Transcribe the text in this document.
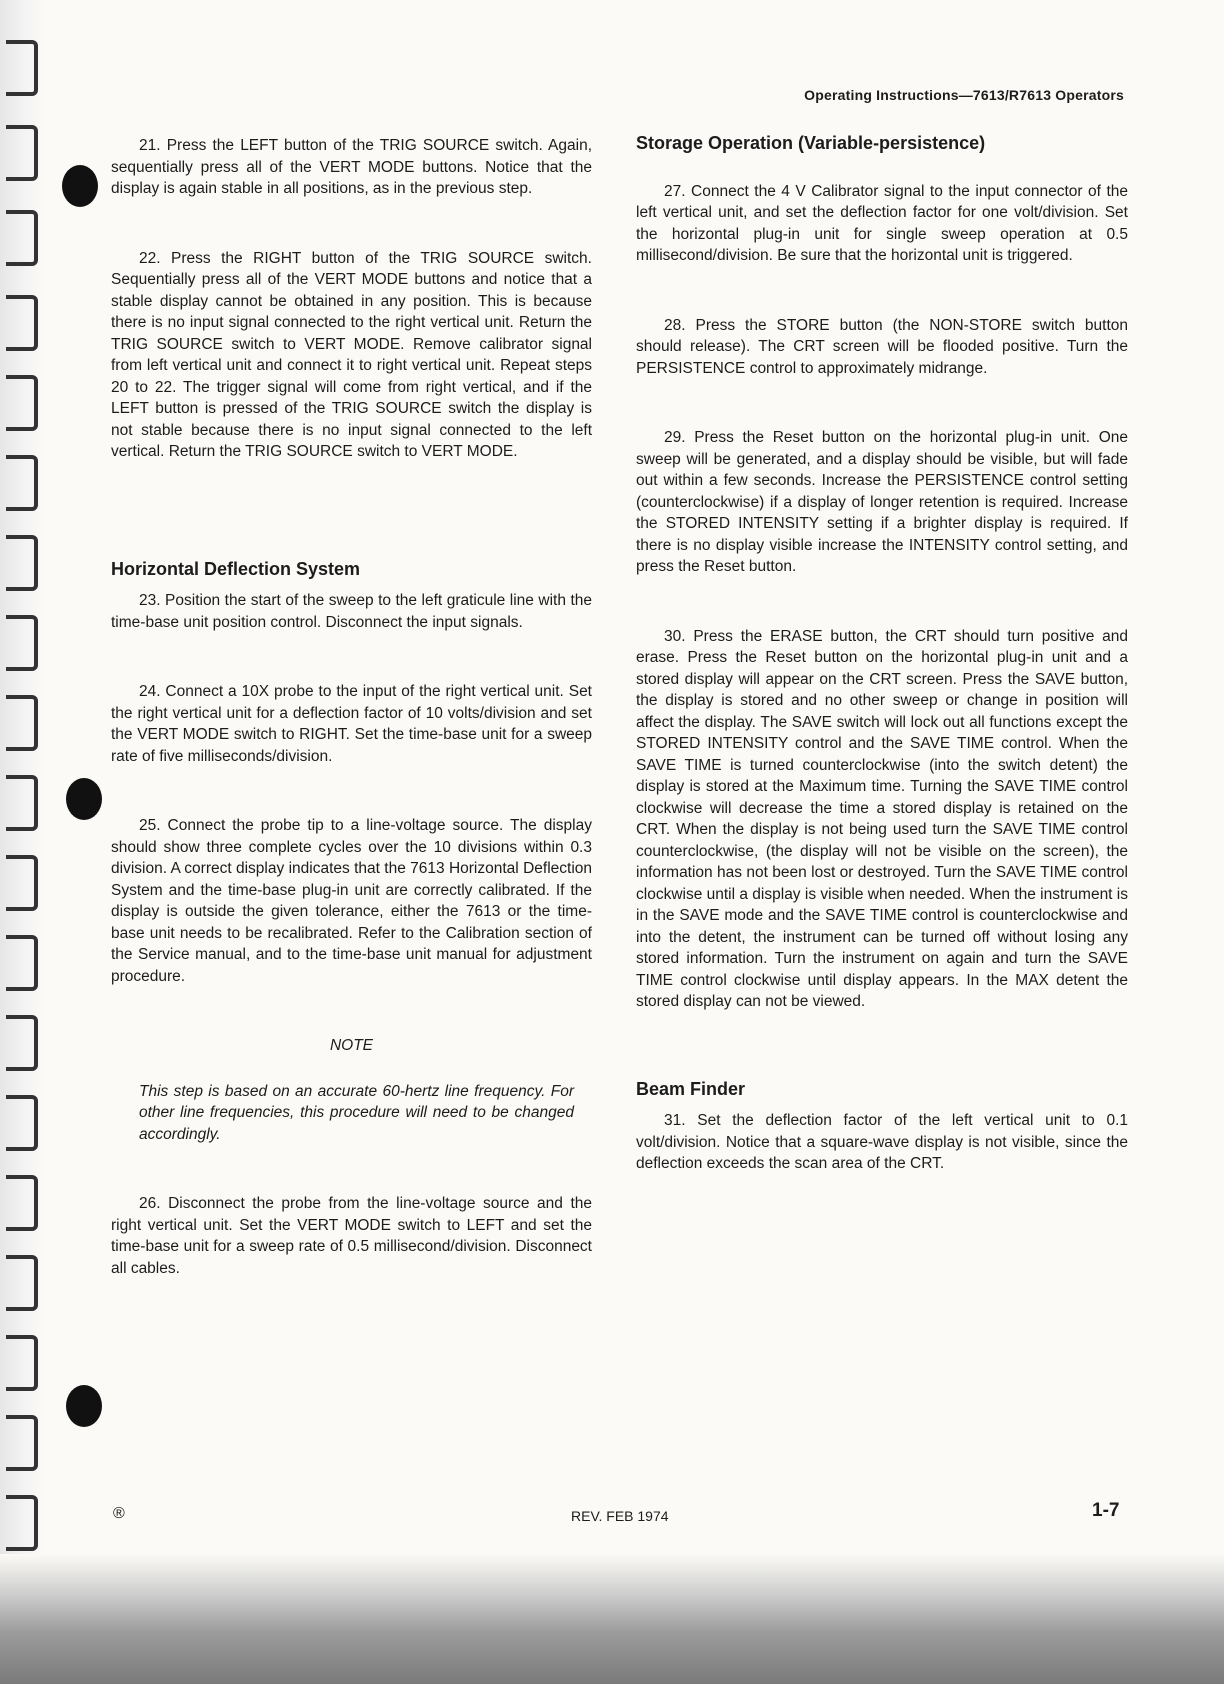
Operating Instructions—7613/R7613 Operators

21. Press the LEFT button of the TRIG SOURCE switch. Again, sequentially press all of the VERT MODE buttons. Notice that the display is again stable in all positions, as in the previous step.

22. Press the RIGHT button of the TRIG SOURCE switch. Sequentially press all of the VERT MODE buttons and notice that a stable display cannot be obtained in any position. This is because there is no input signal connected to the right vertical unit. Return the TRIG SOURCE switch to VERT MODE. Remove calibrator signal from left vertical unit and connect it to right vertical unit. Repeat steps 20 to 22. The trigger signal will come from right vertical, and if the LEFT button is pressed of the TRIG SOURCE switch the display is not stable because there is no input signal connected to the left vertical. Return the TRIG SOURCE switch to VERT MODE.

Horizontal Deflection System

23. Position the start of the sweep to the left graticule line with the time-base unit position control. Disconnect the input signals.

24. Connect a 10X probe to the input of the right vertical unit. Set the right vertical unit for a deflection factor of 10 volts/division and set the VERT MODE switch to RIGHT. Set the time-base unit for a sweep rate of five milliseconds/division.

25. Connect the probe tip to a line-voltage source. The display should show three complete cycles over the 10 divisions within 0.3 division. A correct display indicates that the 7613 Horizontal Deflection System and the time-base plug-in unit are correctly calibrated. If the display is outside the given tolerance, either the 7613 or the time-base unit needs to be recalibrated. Refer to the Calibration section of the Service manual, and to the time-base unit manual for adjustment procedure.

NOTE

This step is based on an accurate 60-hertz line frequency. For other line frequencies, this procedure will need to be changed accordingly.

26. Disconnect the probe from the line-voltage source and the right vertical unit. Set the VERT MODE switch to LEFT and set the time-base unit for a sweep rate of 0.5 millisecond/division. Disconnect all cables.

Storage Operation (Variable-persistence)

27. Connect the 4 V Calibrator signal to the input connector of the left vertical unit, and set the deflection factor for one volt/division. Set the horizontal plug-in unit for single sweep operation at 0.5 millisecond/division. Be sure that the horizontal unit is triggered.

28. Press the STORE button (the NON-STORE switch button should release). The CRT screen will be flooded positive. Turn the PERSISTENCE control to approximately midrange.

29. Press the Reset button on the horizontal plug-in unit. One sweep will be generated, and a display should be visible, but will fade out within a few seconds. Increase the PERSISTENCE control setting (counterclockwise) if a display of longer retention is required. Increase the STORED INTENSITY setting if a brighter display is required. If there is no display visible increase the INTENSITY control setting, and press the Reset button.

30. Press the ERASE button, the CRT should turn positive and erase. Press the Reset button on the horizontal plug-in unit and a stored display will appear on the CRT screen. Press the SAVE button, the display is stored and no other sweep or change in position will affect the display. The SAVE switch will lock out all functions except the STORED INTENSITY control and the SAVE TIME control. When the SAVE TIME is turned counterclockwise (into the switch detent) the display is stored at the Maximum time. Turning the SAVE TIME control clockwise will decrease the time a stored display is retained on the CRT. When the display is not being used turn the SAVE TIME control counterclockwise, (the display will not be visible on the screen), the information has not been lost or destroyed. Turn the SAVE TIME control clockwise until a display is visible when needed. When the instrument is in the SAVE mode and the SAVE TIME control is counterclockwise and into the detent, the instrument can be turned off without losing any stored information. Turn the instrument on again and turn the SAVE TIME control clockwise until display appears. In the MAX detent the stored display can not be viewed.

Beam Finder

31. Set the deflection factor of the left vertical unit to 0.1 volt/division. Notice that a square-wave display is not visible, since the deflection exceeds the scan area of the CRT.

®	REV. FEB 1974	1-7
